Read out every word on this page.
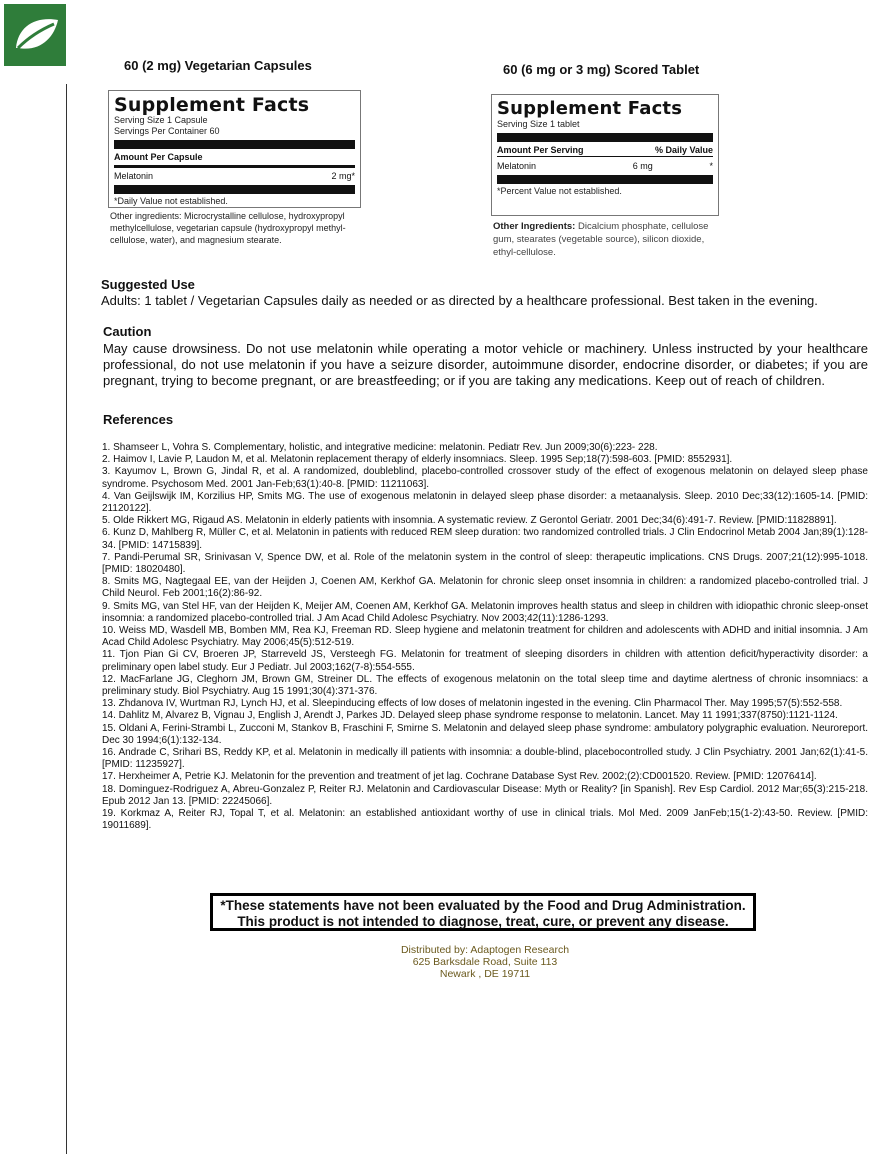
60 (2 mg) Vegetarian Capsules	60 (6 mg or 3 mg) Scored Tablet
Supplement Facts
Serving Size 1 Capsule
Servings Per Container 60
Amount Per Capsule
Melatonin	2 mg*
*Daily Value not established.
Other ingredients: Microcrystalline cellulose, hydroxypropyl methylcellulose, vegetarian capsule (hydroxypropyl methyl-cellulose, water), and magnesium stearate.
Supplement Facts
Serving Size 1 tablet
Amount Per Serving	% Daily Value
Melatonin	6 mg	*
*Percent Value not established.
Other Ingredients: Dicalcium phosphate, cellulose gum, stearates (vegetable source), silicon dioxide, ethyl-cellulose.
Suggested Use
Adults: 1 tablet / Vegetarian Capsules daily as needed or as directed by a healthcare professional. Best taken in the evening.
Caution
May cause drowsiness. Do not use melatonin while operating a motor vehicle or machinery. Unless instructed by your healthcare professional, do not use melatonin if you have a seizure disorder, autoimmune disorder, endocrine disorder, or diabetes; if you are pregnant, trying to become pregnant, or are breastfeeding; or if you are taking any medications. Keep out of reach of children.
References
1. Shamseer L, Vohra S. Complementary, holistic, and integrative medicine: melatonin. Pediatr Rev. Jun 2009;30(6):223- 228.
2. Haimov I, Lavie P, Laudon M, et al. Melatonin replacement therapy of elderly insomniacs. Sleep. 1995 Sep;18(7):598-603. [PMID: 8552931].
3. Kayumov L, Brown G, Jindal R, et al. A randomized, doubleblind, placebo-controlled crossover study of the effect of exogenous melatonin on delayed sleep phase syndrome. Psychosom Med. 2001 Jan-Feb;63(1):40-8. [PMID: 11211063].
4. Van Geijlswijk IM, Korzilius HP, Smits MG. The use of exogenous melatonin in delayed sleep phase disorder: a metaanalysis. Sleep. 2010 Dec;33(12):1605-14. [PMID: 21120122].
5. Olde Rikkert MG, Rigaud AS. Melatonin in elderly patients with insomnia. A systematic review. Z Gerontol Geriatr. 2001 Dec;34(6):491-7. Review. [PMID:11828891].
6. Kunz D, Mahlberg R, Müller C, et al. Melatonin in patients with reduced REM sleep duration: two randomized controlled trials. J Clin Endocrinol Metab 2004 Jan;89(1):128-34. [PMID: 14715839].
7. Pandi-Perumal SR, Srinivasan V, Spence DW, et al. Role of the melatonin system in the control of sleep: therapeutic implications. CNS Drugs. 2007;21(12):995-1018. [PMID: 18020480].
8. Smits MG, Nagtegaal EE, van der Heijden J, Coenen AM, Kerkhof GA. Melatonin for chronic sleep onset insomnia in children: a randomized placebo-controlled trial. J Child Neurol. Feb 2001;16(2):86-92.
9. Smits MG, van Stel HF, van der Heijden K, Meijer AM, Coenen AM, Kerkhof GA. Melatonin improves health status and sleep in children with idiopathic chronic sleep-onset insomnia: a randomized placebo-controlled trial. J Am Acad Child Adolesc Psychiatry. Nov 2003;42(11):1286-1293.
10. Weiss MD, Wasdell MB, Bomben MM, Rea KJ, Freeman RD. Sleep hygiene and melatonin treatment for children and adolescents with ADHD and initial insomnia. J Am Acad Child Adolesc Psychiatry. May 2006;45(5):512-519.
11. Tjon Pian Gi CV, Broeren JP, Starreveld JS, Versteegh FG. Melatonin for treatment of sleeping disorders in children with attention deficit/hyperactivity disorder: a preliminary open label study. Eur J Pediatr. Jul 2003;162(7-8):554-555.
12. MacFarlane JG, Cleghorn JM, Brown GM, Streiner DL. The effects of exogenous melatonin on the total sleep time and daytime alertness of chronic insomniacs: a preliminary study. Biol Psychiatry. Aug 15 1991;30(4):371-376.
13. Zhdanova IV, Wurtman RJ, Lynch HJ, et al. Sleepinducing effects of low doses of melatonin ingested in the evening. Clin Pharmacol Ther. May 1995;57(5):552-558.
14. Dahlitz M, Alvarez B, Vignau J, English J, Arendt J, Parkes JD. Delayed sleep phase syndrome response to melatonin. Lancet. May 11 1991;337(8750):1121-1124.
15. Oldani A, Ferini-Strambi L, Zucconi M, Stankov B, Fraschini F, Smirne S. Melatonin and delayed sleep phase syndrome: ambulatory polygraphic evaluation. Neuroreport. Dec 30 1994;6(1):132-134.
16. Andrade C, Srihari BS, Reddy KP, et al. Melatonin in medically ill patients with insomnia: a double-blind, placebocontrolled study. J Clin Psychiatry. 2001 Jan;62(1):41-5. [PMID: 11235927].
17. Herxheimer A, Petrie KJ. Melatonin for the prevention and treatment of jet lag. Cochrane Database Syst Rev. 2002;(2):CD001520. Review. [PMID: 12076414].
18. Dominguez-Rodriguez A, Abreu-Gonzalez P, Reiter RJ. Melatonin and Cardiovascular Disease: Myth or Reality? [in Spanish]. Rev Esp Cardiol. 2012 Mar;65(3):215-218. Epub 2012 Jan 13. [PMID: 22245066].
19. Korkmaz A, Reiter RJ, Topal T, et al. Melatonin: an established antioxidant worthy of use in clinical trials. Mol Med. 2009 JanFeb;15(1-2):43-50. Review. [PMID: 19011689].
*These statements have not been evaluated by the Food and Drug Administration.
This product is not intended to diagnose, treat, cure, or prevent any disease.
Distributed by: Adaptogen Research
625 Barksdale Road, Suite 113
Newark , DE 19711
